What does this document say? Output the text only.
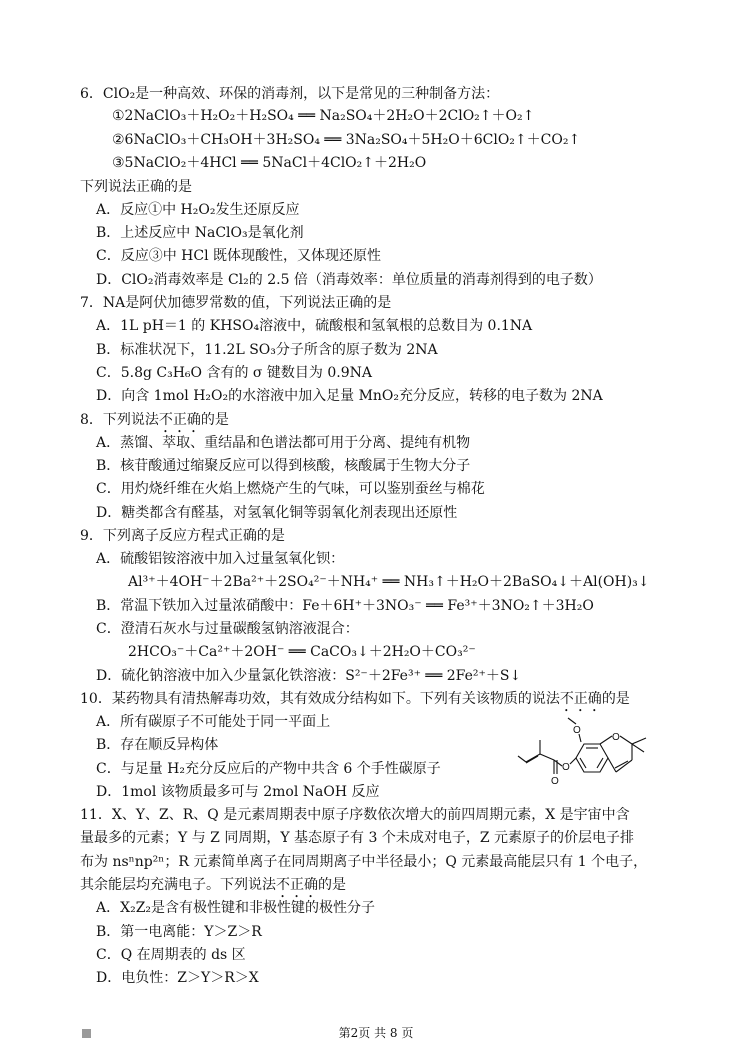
6．ClO₂是一种高效、环保的消毒剂，以下是常见的三种制备方法：
①2NaClO₃＋H₂O₂＋H₂SO₄ ══ Na₂SO₄＋2H₂O＋2ClO₂↑＋O₂↑
②6NaClO₃＋CH₃OH＋3H₂SO₄ ══ 3Na₂SO₄＋5H₂O＋6ClO₂↑＋CO₂↑
③5NaClO₂＋4HCl ══ 5NaCl＋4ClO₂↑＋2H₂O
下列说法正确的是
A．反应①中 H₂O₂发生还原反应
B．上述反应中 NaClO₃是氧化剂
C．反应③中 HCl 既体现酸性，又体现还原性
D．ClO₂消毒效率是 Cl₂的 2.5 倍（消毒效率：单位质量的消毒剂得到的电子数）
7．NA是阿伏加德罗常数的值，下列说法正确的是
A．1L pH＝1 的 KHSO₄溶液中，硫酸根和氢氧根的总数目为 0.1NA
B．标准状况下，11.2L SO₃分子所含的原子数为 2NA
C．5.8g C₃H₆O 含有的 σ 键数目为 0.9NA
D．向含 1mol H₂O₂的水溶液中加入足量 MnO₂充分反应，转移的电子数为 2NA
8．下列说法不正确的是
A．蒸馏、萃取、重结晶和色谱法都可用于分离、提纯有机物
B．核苷酸通过缩聚反应可以得到核酸，核酸属于生物大分子
C．用灼烧纤维在火焰上燃烧产生的气味，可以鉴别蚕丝与棉花
D．糖类都含有醛基，对氢氧化铜等弱氧化剂表现出还原性
9．下列离子反应方程式正确的是
A．硫酸铝铵溶液中加入过量氢氧化钡：
Al³⁺＋4OH⁻＋2Ba²⁺＋2SO₄²⁻＋NH₄⁺ ══ NH₃↑＋H₂O＋2BaSO₄↓＋Al(OH)₃↓
B．常温下铁加入过量浓硝酸中：Fe＋6H⁺＋3NO₃⁻ ══ Fe³⁺＋3NO₂↑＋3H₂O
C．澄清石灰水与过量碳酸氢钠溶液混合：
2HCO₃⁻＋Ca²⁺＋2OH⁻ ══ CaCO₃↓＋2H₂O＋CO₃²⁻
D．硫化钠溶液中加入少量氯化铁溶液：S²⁻＋2Fe³⁺ ══ 2Fe²⁺＋S↓
10．某药物具有清热解毒功效，其有效成分结构如下。下列有关该物质的说法不正确的是
A．所有碳原子不可能处于同一平面上
B．存在顺反异构体
C．与足量 H₂充分反应后的产物中共含 6 个手性碳原子
D．1mol 该物质最多可与 2mol NaOH 反应
O
O
O
O
11．X、Y、Z、R、Q 是元素周期表中原子序数依次增大的前四周期元素，X 是宇宙中含
量最多的元素；Y 与 Z 同周期，Y 基态原子有 3 个未成对电子，Z 元素原子的价层电子排
布为 nsⁿnp²ⁿ；R 元素简单离子在同周期离子中半径最小；Q 元素最高能层只有 1 个电子，
其余能层均充满电子。下列说法不正确的是
A．X₂Z₂是含有极性键和非极性键的极性分子
B．第一电离能：Y＞Z＞R
C．Q 在周期表的 ds 区
D．电负性：Z＞Y＞R＞X
第2页 共 8 页
